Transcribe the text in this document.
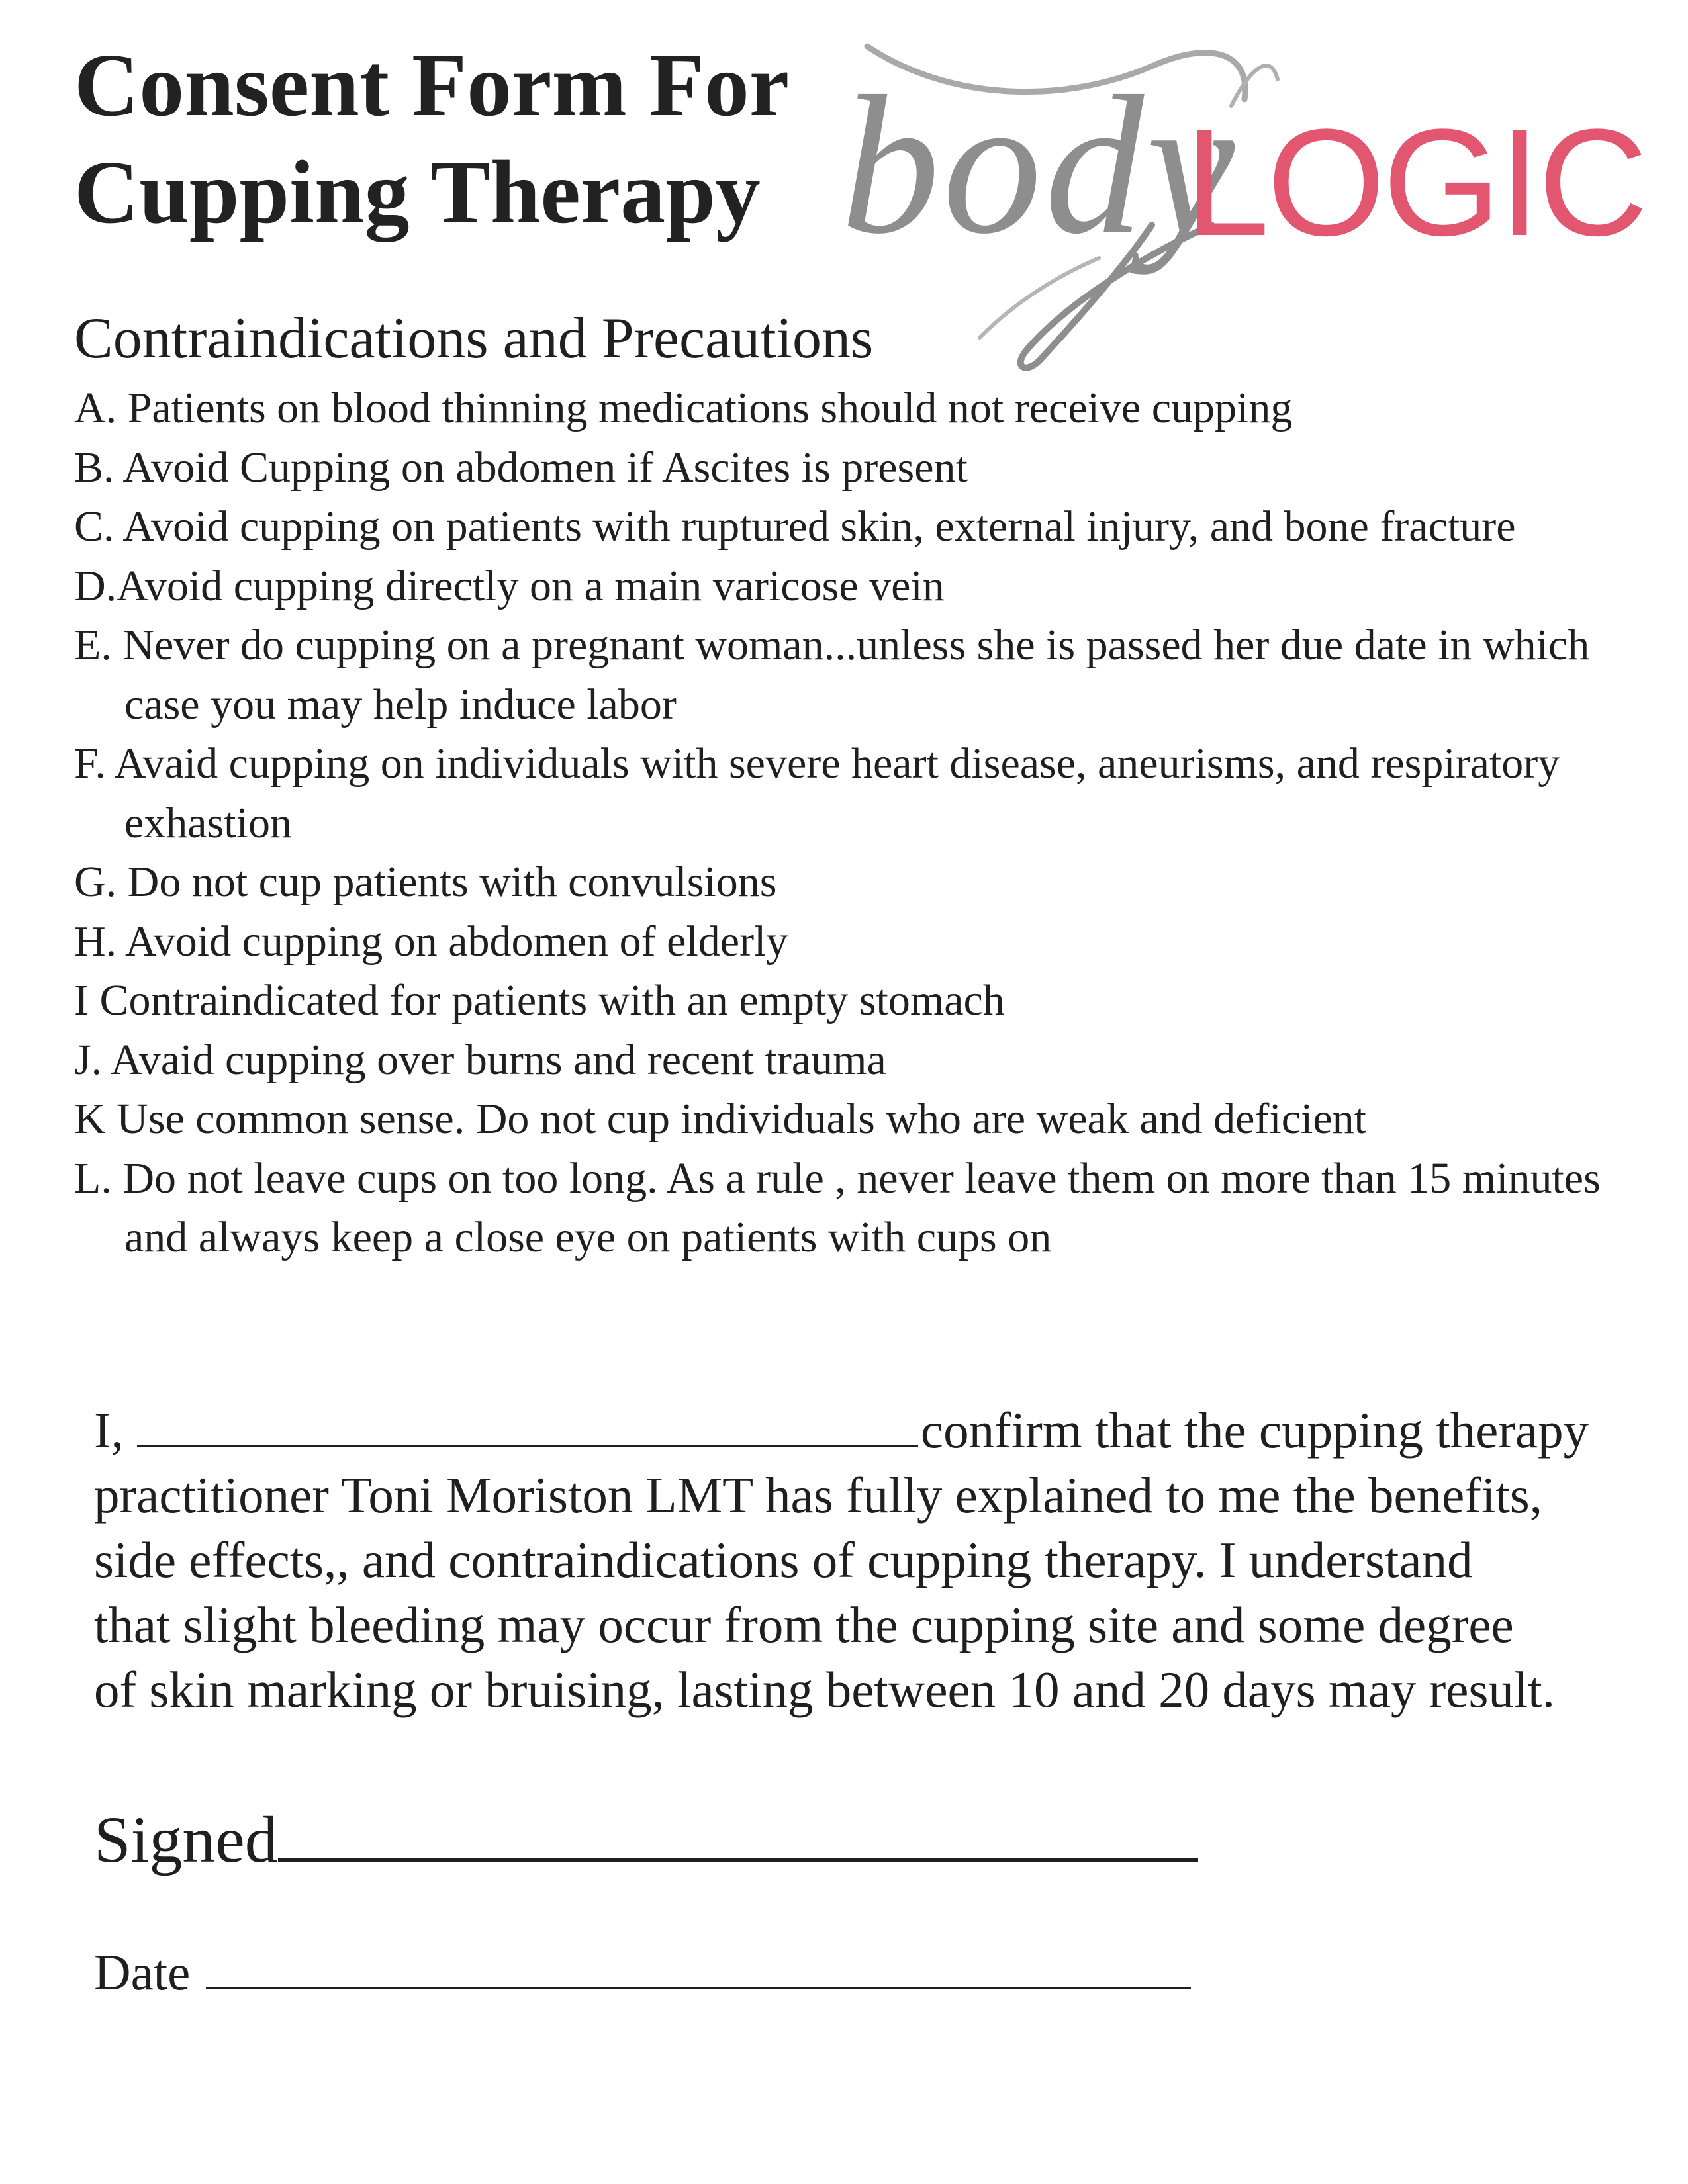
Consent Form For
Cupping Therapy body
LOGIC
Contraindications and Precautions
A. Patients on blood thinning medications should not receive cupping
B. Avoid Cupping on abdomen if Ascites is present
C. Avoid cupping on patients with ruptured skin, external injury, and bone fracture
D.Avoid cupping directly on a main varicose vein
E. Never do cupping on a pregnant woman...unless she is passed her due date in which case you may help induce labor
F. Avaid cupping on individuals with severe heart disease, aneurisms, and respiratory exhastion
G. Do not cup patients with convulsions
H. Avoid cupping on abdomen of elderly
I Contraindicated for patients with an empty stomach
J. Avaid cupping over burns and recent trauma
K Use common sense. Do not cup individuals who are weak and deficient
L. Do not leave cups on too long. As a rule , never leave them on more than 15 minutes and always keep a close eye on patients with cups on
I,	confirm that the cupping therapy
practitioner Toni Moriston LMT has fully explained to me the benefits,
side effects,, and contraindications of cupping therapy. I understand
that slight bleeding may occur from the cupping site and some degree
of skin marking or bruising, lasting between 10 and 20 days may result.
Signed
Date
